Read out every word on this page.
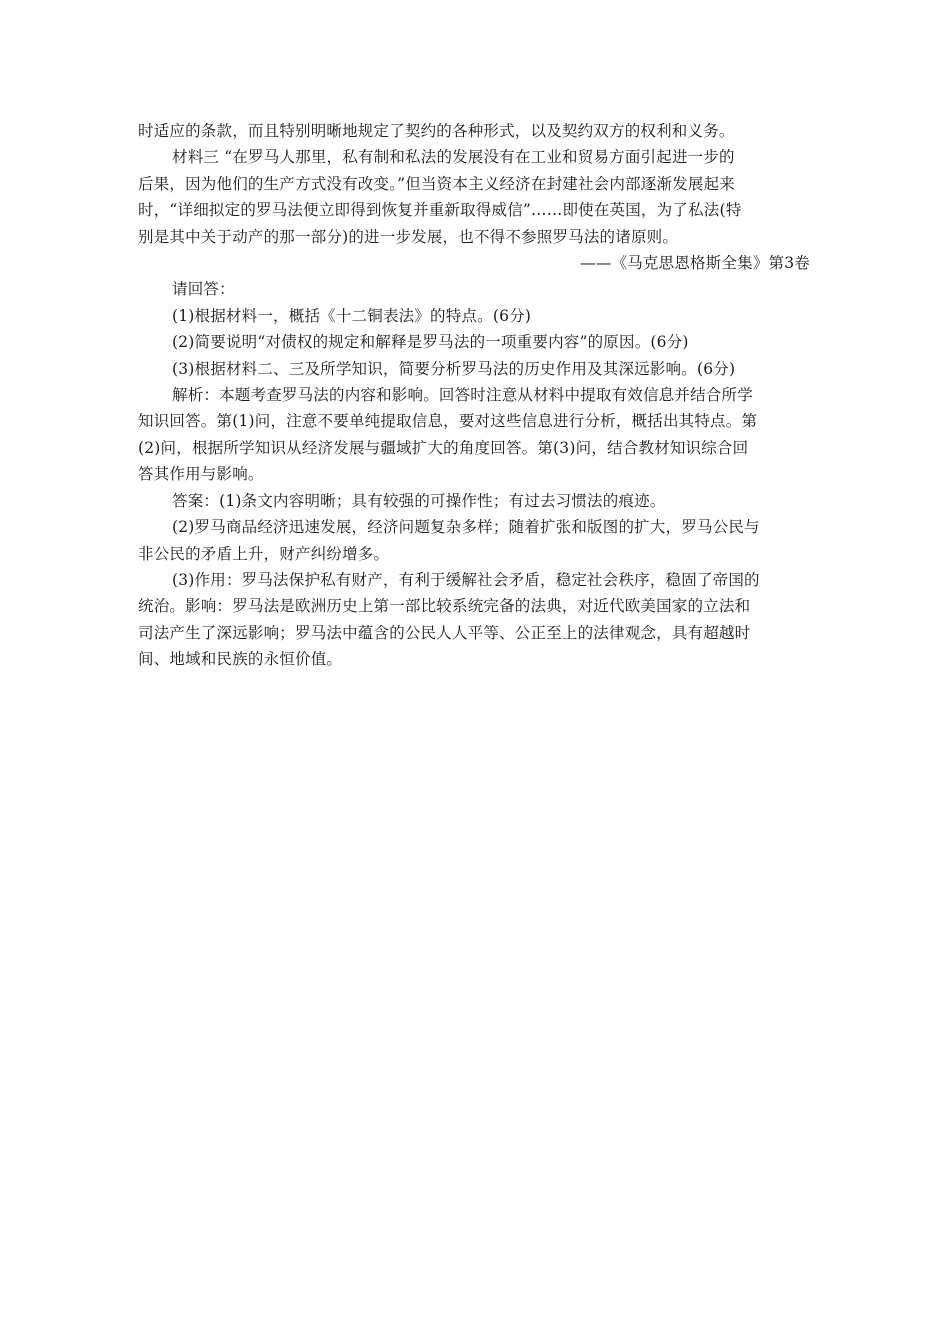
时适应的条款，而且特别明晰地规定了契约的各种形式，以及契约双方的权利和义务。

材料三 “在罗马人那里，私有制和私法的发展没有在工业和贸易方面引起进一步的

后果，因为他们的生产方式没有改变。”但当资本主义经济在封建社会内部逐渐发展起来

时，“详细拟定的罗马法便立即得到恢复并重新取得威信”……即使在英国，为了私法(特

别是其中关于动产的那一部分)的进一步发展，也不得不参照罗马法的诸原则。

——《马克思恩格斯全集》第3卷

请回答：

(1)根据材料一，概括《十二铜表法》的特点。(6分)

(2)简要说明“对债权的规定和解释是罗马法的一项重要内容”的原因。(6分)

(3)根据材料二、三及所学知识，简要分析罗马法的历史作用及其深远影响。(6分)

解析：本题考查罗马法的内容和影响。回答时注意从材料中提取有效信息并结合所学

知识回答。第(1)问，注意不要单纯提取信息，要对这些信息进行分析，概括出其特点。第

(2)问，根据所学知识从经济发展与疆域扩大的角度回答。第(3)问，结合教材知识综合回

答其作用与影响。

答案：(1)条文内容明晰；具有较强的可操作性；有过去习惯法的痕迹。

(2)罗马商品经济迅速发展，经济问题复杂多样；随着扩张和版图的扩大，罗马公民与

非公民的矛盾上升，财产纠纷增多。

(3)作用：罗马法保护私有财产，有利于缓解社会矛盾，稳定社会秩序，稳固了帝国的

统治。影响：罗马法是欧洲历史上第一部比较系统完备的法典，对近代欧美国家的立法和

司法产生了深远影响；罗马法中蕴含的公民人人平等、公正至上的法律观念，具有超越时

间、地域和民族的永恒价值。
